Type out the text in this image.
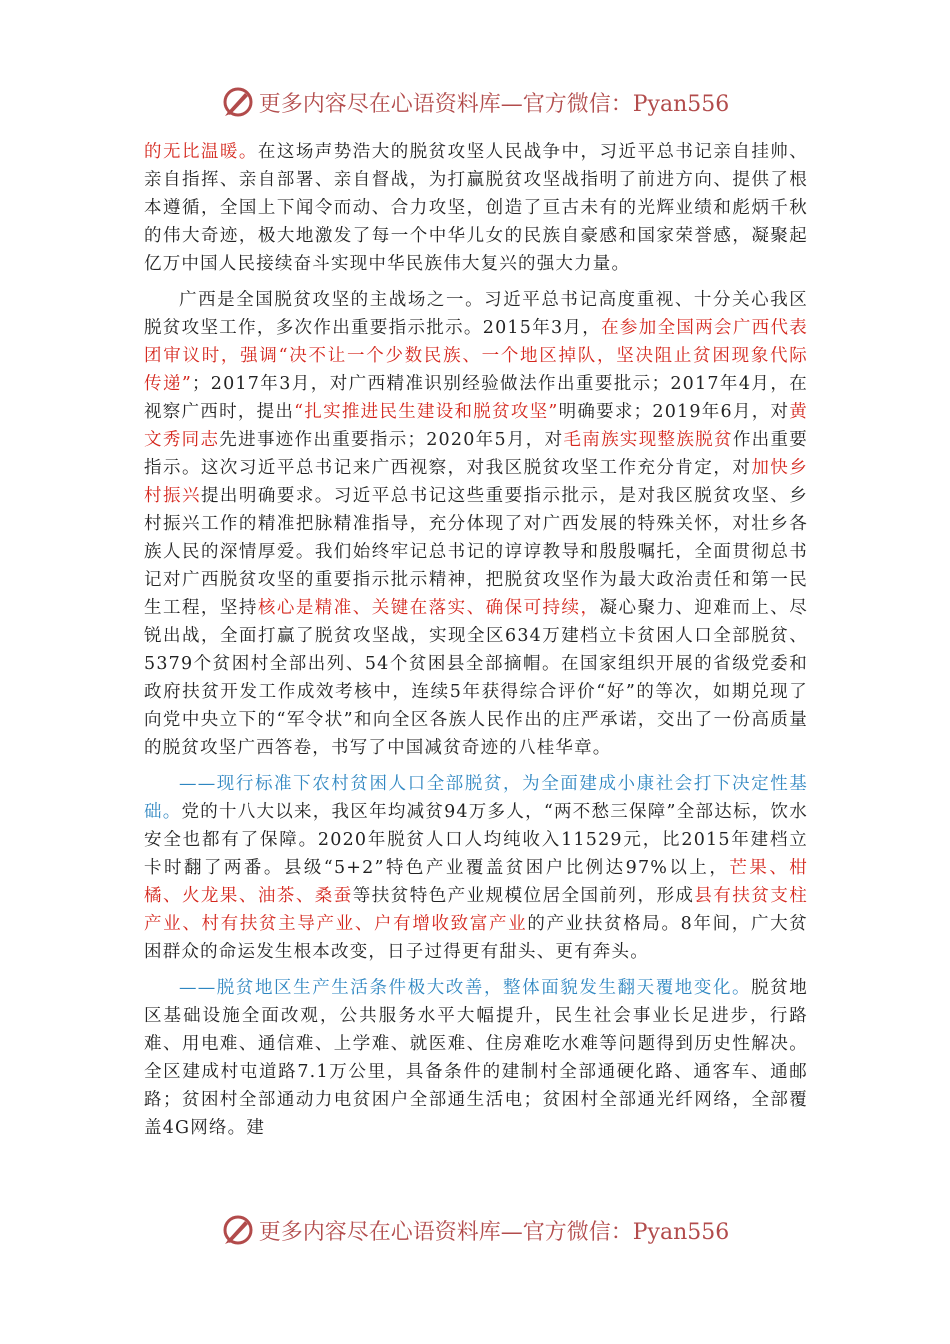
更多内容尽在心语资料库—官方微信：Pyan556

的无比温暖。在这场声势浩大的脱贫攻坚人民战争中，习近平总书记亲自挂帅、亲自指挥、亲自部署、亲自督战，为打赢脱贫攻坚战指明了前进方向、提供了根本遵循，全国上下闻令而动、合力攻坚，创造了亘古未有的光辉业绩和彪炳千秋的伟大奇迹，极大地激发了每一个中华儿女的民族自豪感和国家荣誉感，凝聚起亿万中国人民接续奋斗实现中华民族伟大复兴的强大力量。

广西是全国脱贫攻坚的主战场之一。习近平总书记高度重视、十分关心我区脱贫攻坚工作，多次作出重要指示批示。2015年3月，在参加全国两会广西代表团审议时，强调“决不让一个少数民族、一个地区掉队，坚决阻止贫困现象代际传递”；2017年3月，对广西精准识别经验做法作出重要批示；2017年4月，在视察广西时，提出“扎实推进民生建设和脱贫攻坚”明确要求；2019年6月，对黄文秀同志先进事迹作出重要指示；2020年5月，对毛南族实现整族脱贫作出重要指示。这次习近平总书记来广西视察，对我区脱贫攻坚工作充分肯定，对加快乡村振兴提出明确要求。习近平总书记这些重要指示批示，是对我区脱贫攻坚、乡村振兴工作的精准把脉精准指导，充分体现了对广西发展的特殊关怀，对壮乡各族人民的深情厚爱。我们始终牢记总书记的谆谆教导和殷殷嘱托，全面贯彻总书记对广西脱贫攻坚的重要指示批示精神，把脱贫攻坚作为最大政治责任和第一民生工程，坚持核心是精准、关键在落实、确保可持续，凝心聚力、迎难而上、尽锐出战，全面打赢了脱贫攻坚战，实现全区634万建档立卡贫困人口全部脱贫、5379个贫困村全部出列、54个贫困县全部摘帽。在国家组织开展的省级党委和政府扶贫开发工作成效考核中，连续5年获得综合评价“好”的等次，如期兑现了向党中央立下的“军令状”和向全区各族人民作出的庄严承诺，交出了一份高质量的脱贫攻坚广西答卷，书写了中国减贫奇迹的八桂华章。

——现行标准下农村贫困人口全部脱贫，为全面建成小康社会打下决定性基础。党的十八大以来，我区年均减贫94万多人，“两不愁三保障”全部达标，饮水安全也都有了保障。2020年脱贫人口人均纯收入11529元，比2015年建档立卡时翻了两番。县级“5+2”特色产业覆盖贫困户比例达97%以上，芒果、柑橘、火龙果、油茶、桑蚕等扶贫特色产业规模位居全国前列，形成县有扶贫支柱产业、村有扶贫主导产业、户有增收致富产业的产业扶贫格局。8年间，广大贫困群众的命运发生根本改变，日子过得更有甜头、更有奔头。

——脱贫地区生产生活条件极大改善，整体面貌发生翻天覆地变化。脱贫地区基础设施全面改观，公共服务水平大幅提升，民生社会事业长足进步，行路难、用电难、通信难、上学难、就医难、住房难吃水难等问题得到历史性解决。全区建成村屯道路7.1万公里，具备条件的建制村全部通硬化路、通客车、通邮路；贫困村全部通动力电贫困户全部通生活电；贫困村全部通光纤网络，全部覆盖4G网络。建

更多内容尽在心语资料库—官方微信：Pyan556
